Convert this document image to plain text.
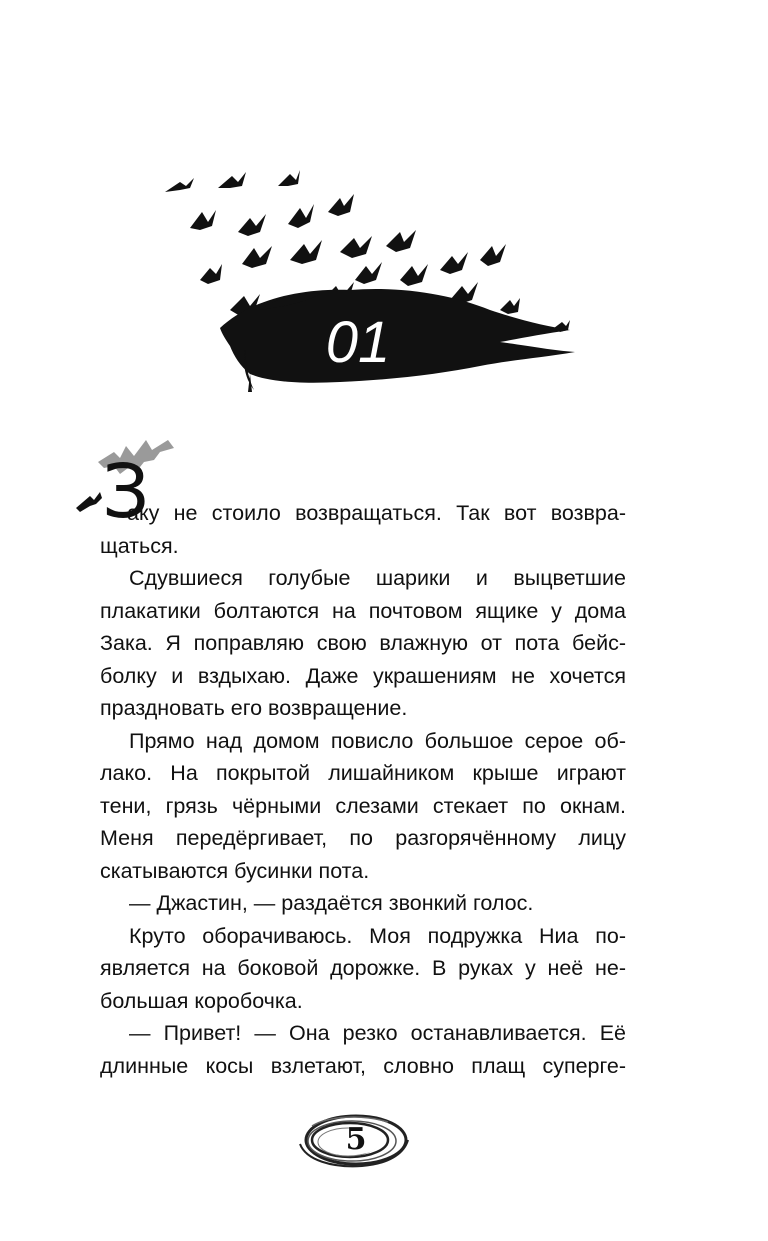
01
З
аку не стоило возвращаться. Так вот возвра-
щаться.
Сдувшиеся голубые шарики и выцветшие
плакатики болтаются на почтовом ящике у дома
Зака. Я поправляю свою влажную от пота бейс-
болку и вздыхаю. Даже украшениям не хочется
праздновать его возвращение.
Прямо над домом повисло большое серое об-
лако. На покрытой лишайником крыше играют
тени, грязь чёрными слезами стекает по окнам.
Меня передёргивает, по разгорячённому лицу
скатываются бусинки пота.
— Джастин, — раздаётся звонкий голос.
Круто оборачиваюсь. Моя подружка Ниа по-
является на боковой дорожке. В руках у неё не-
большая коробочка.
— Привет! — Она резко останавливается. Её
длинные косы взлетают, словно плащ суперге-
5
